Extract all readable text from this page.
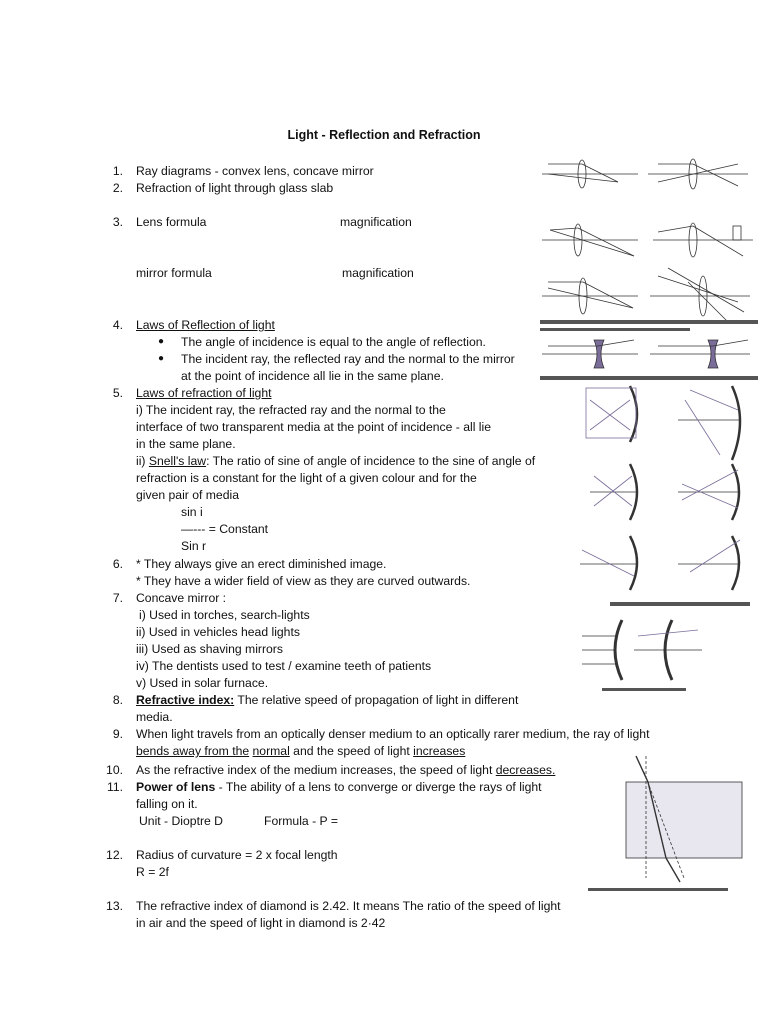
Light - Reflection and Refraction
1. Ray diagrams - convex lens, concave mirror
2. Refraction of light through glass slab
3. Lens formula	magnification
mirror formula	magnification
4. Laws of Reflection of light
● The angle of incidence is equal to the angle of reflection.
● The incident ray, the reflected ray and the normal to the mirror
at the point of incidence all lie in the same plane.
5. Laws of refraction of light
i) The incident ray, the refracted ray and the normal to the
interface of two transparent media at the point of incidence - all lie
in the same plane.
ii) Snell's law: The ratio of sine of angle of incidence to the sine of angle of
refraction is a constant for the light of a given colour and for the
given pair of media
sin i
—--- = Constant
Sin r
6. * They always give an erect diminished image.
* They have a wider field of view as they are curved outwards.
7. Concave mirror :
i) Used in torches, search-lights
ii) Used in vehicles head lights
iii) Used as shaving mirrors
iv) The dentists used to test / examine teeth of patients
v) Used in solar furnace.
8. Refractive index: The relative speed of propagation of light in different
media.
9. When light travels from an optically denser medium to an optically rarer medium, the ray of light
bends away from the normal and the speed of light increases
10. As the refractive index of the medium increases, the speed of light decreases.
11. Power of lens - The ability of a lens to converge or diverge the rays of light
falling on it.
Unit - Dioptre D	Formula - P =
12. Radius of curvature = 2 x focal length
R = 2f
13. The refractive index of diamond is 2.42. It means The ratio of the speed of light
in air and the speed of light in diamond is 2·42
